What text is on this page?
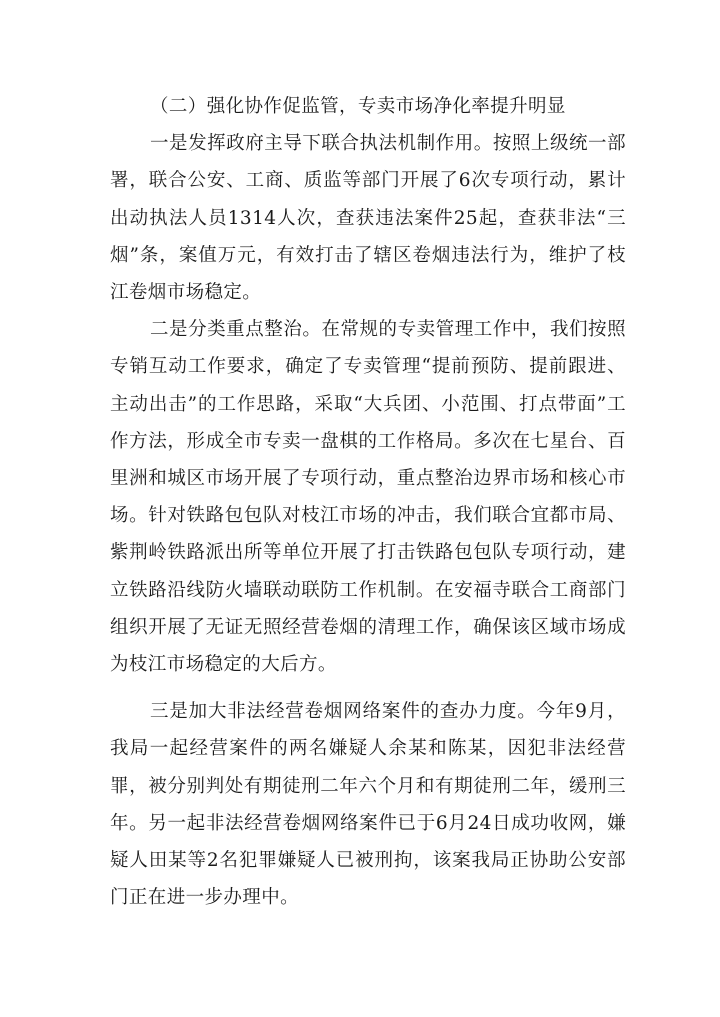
（二）强化协作促监管，专卖市场净化率提升明显

一是发挥政府主导下联合执法机制作用。按照上级统一部署，联合公安、工商、质监等部门开展了6次专项行动，累计出动执法人员1314人次，查获违法案件25起，查获非法“三烟”条，案值万元，有效打击了辖区卷烟违法行为，维护了枝江卷烟市场稳定。

二是分类重点整治。在常规的专卖管理工作中，我们按照专销互动工作要求，确定了专卖管理“提前预防、提前跟进、主动出击”的工作思路，采取“大兵团、小范围、打点带面”工作方法，形成全市专卖一盘棋的工作格局。多次在七星台、百里洲和城区市场开展了专项行动，重点整治边界市场和核心市场。针对铁路包包队对枝江市场的冲击，我们联合宜都市局、紫荆岭铁路派出所等单位开展了打击铁路包包队专项行动，建立铁路沿线防火墙联动联防工作机制。在安福寺联合工商部门组织开展了无证无照经营卷烟的清理工作，确保该区域市场成为枝江市场稳定的大后方。

三是加大非法经营卷烟网络案件的查办力度。今年9月，我局一起经营案件的两名嫌疑人余某和陈某，因犯非法经营罪，被分别判处有期徒刑二年六个月和有期徒刑二年，缓刑三年。另一起非法经营卷烟网络案件已于6月24日成功收网，嫌疑人田某等2名犯罪嫌疑人已被刑拘，该案我局正协助公安部门正在进一步办理中。
